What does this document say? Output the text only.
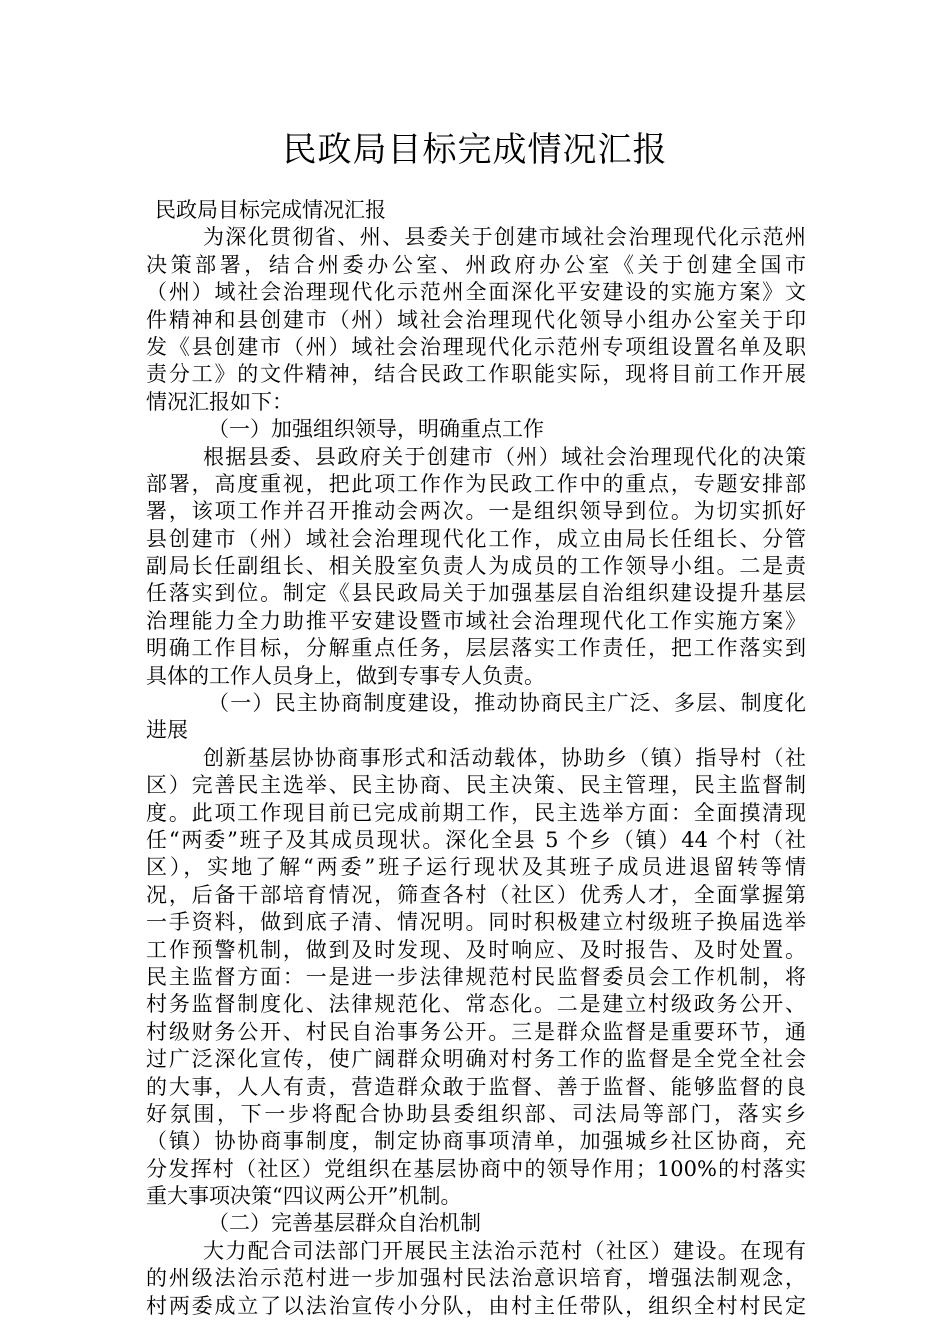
民政局目标完成情况汇报
民政局目标完成情况汇报
为深化贯彻省、州、县委关于创建市域社会治理现代化示范州
决策部署，结合州委办公室、州政府办公室《关于创建全国市
（州）域社会治理现代化示范州全面深化平安建设的实施方案》文
件精神和县创建市（州）域社会治理现代化领导小组办公室关于印
发《县创建市（州）域社会治理现代化示范州专项组设置名单及职
责分工》的文件精神，结合民政工作职能实际，现将目前工作开展
情况汇报如下：
（一）加强组织领导，明确重点工作
根据县委、县政府关于创建市（州）域社会治理现代化的决策
部署，高度重视，把此项工作作为民政工作中的重点，专题安排部
署，该项工作并召开推动会两次。一是组织领导到位。为切实抓好
县创建市（州）域社会治理现代化工作，成立由局长任组长、分管
副局长任副组长、相关股室负责人为成员的工作领导小组。二是责
任落实到位。制定《县民政局关于加强基层自治组织建设提升基层
治理能力全力助推平安建设暨市域社会治理现代化工作实施方案》
明确工作目标，分解重点任务，层层落实工作责任，把工作落实到
具体的工作人员身上，做到专事专人负责。
（一）民主协商制度建设，推动协商民主广泛、多层、制度化
进展
创新基层协协商事形式和活动载体，协助乡（镇）指导村（社
区）完善民主选举、民主协商、民主决策、民主管理，民主监督制
度。此项工作现目前已完成前期工作，民主选举方面：全面摸清现
任“两委”班子及其成员现状。深化全县 5 个乡（镇）44 个村（社
区），实地了解“两委”班子运行现状及其班子成员进退留转等情
况，后备干部培育情况，筛查各村（社区）优秀人才，全面掌握第
一手资料，做到底子清、情况明。同时积极建立村级班子换届选举
工作预警机制，做到及时发现、及时响应、及时报告、及时处置。
民主监督方面：一是进一步法律规范村民监督委员会工作机制，将
村务监督制度化、法律规范化、常态化。二是建立村级政务公开、
村级财务公开、村民自治事务公开。三是群众监督是重要环节，通
过广泛深化宣传，使广阔群众明确对村务工作的监督是全党全社会
的大事，人人有责，营造群众敢于监督、善于监督、能够监督的良
好氛围，下一步将配合协助县委组织部、司法局等部门，落实乡
（镇）协协商事制度，制定协商事项清单，加强城乡社区协商，充
分发挥村（社区）党组织在基层协商中的领导作用；100%的村落实
重大事项决策“四议两公开”机制。
（二）完善基层群众自治机制
大力配合司法部门开展民主法治示范村（社区）建设。在现有
的州级法治示范村进一步加强村民法治意识培育，增强法制观念，
村两委成立了以法治宣传小分队，由村主任带队，组织全村村民定
